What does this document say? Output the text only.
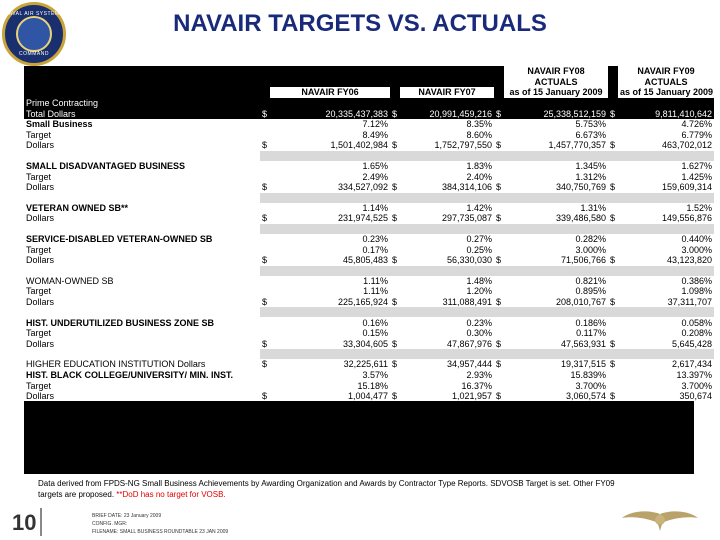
NAVAL AIR SYSTEMS
COMMAND
NAVAIR TARGETS VS. ACTUALS
						NAVAIR FY08		NAVAIR FY09
						ACTUALS		ACTUALS
		NAVAIR FY06		NAVAIR FY07		as of 15 January 2009		as of 15 January 2009
Prime Contracting								
Total Dollars	$	20,335,437,383	$	20,991,459,216	$	25,338,512,159	$	9,811,410,642
Small Business		7.12%		8.35%		5.753%		4.726%
Target		8.49%		8.60%		6.673%		6.779%
Dollars	$	1,501,402,984	$	1,752,797,550	$	1,457,770,357	$	463,702,012

SMALL DISADVANTAGED BUSINESS		1.65%		1.83%		1.345%		1.627%
Target		2.49%		2.40%		1.312%		1.425%
Dollars	$	334,527,092	$	384,314,106	$	340,750,769	$	159,609,314

VETERAN OWNED SB**		1.14%		1.42%		1.31%		1.52%
Dollars	$	231,974,525	$	297,735,087	$	339,486,580	$	149,556,876

SERVICE-DISABLED VETERAN-OWNED SB		0.23%		0.27%		0.282%		0.440%
Target		0.17%		0.25%		3.000%		3.000%
Dollars	$	45,805,483	$	56,330,030	$	71,506,766	$	43,123,820

WOMAN-OWNED SB		1.11%		1.48%		0.821%		0.386%
Target		1.11%		1.20%		0.895%		1.098%
Dollars	$	225,165,924	$	311,088,491	$	208,010,767	$	37,311,707

HIST. UNDERUTILIZED BUSINESS ZONE SB		0.16%		0.23%		0.186%		0.058%
Target		0.15%		0.30%		0.117%		0.208%
Dollars	$	33,304,605	$	47,867,976	$	47,563,931	$	5,645,428

HIGHER EDUCATION INSTITUTION Dollars	$	32,225,611	$	34,957,444	$	19,317,515	$	2,617,434
HIST. BLACK COLLEGE/UNIVERSITY/ MIN. INST.		3.57%		2.93%		15.839%		13.397%
Target		15.18%		16.37%		3.700%		3.700%
Dollars	$	1,004,477	$	1,021,957	$	3,060,574	$	350,674
Data derived from FPDS-NG Small Business Achievements by Awarding Organization and Awards by Contractor Type Reports. SDVOSB Target is set. Other FY09 targets are proposed. **DoD has no target for VOSB.
10	BRIEF DATE: 23 January 2009
CONFIG. MGR:
FILENAME: SMALL BUSINESS ROUNDTABLE 23 JAN 2009
